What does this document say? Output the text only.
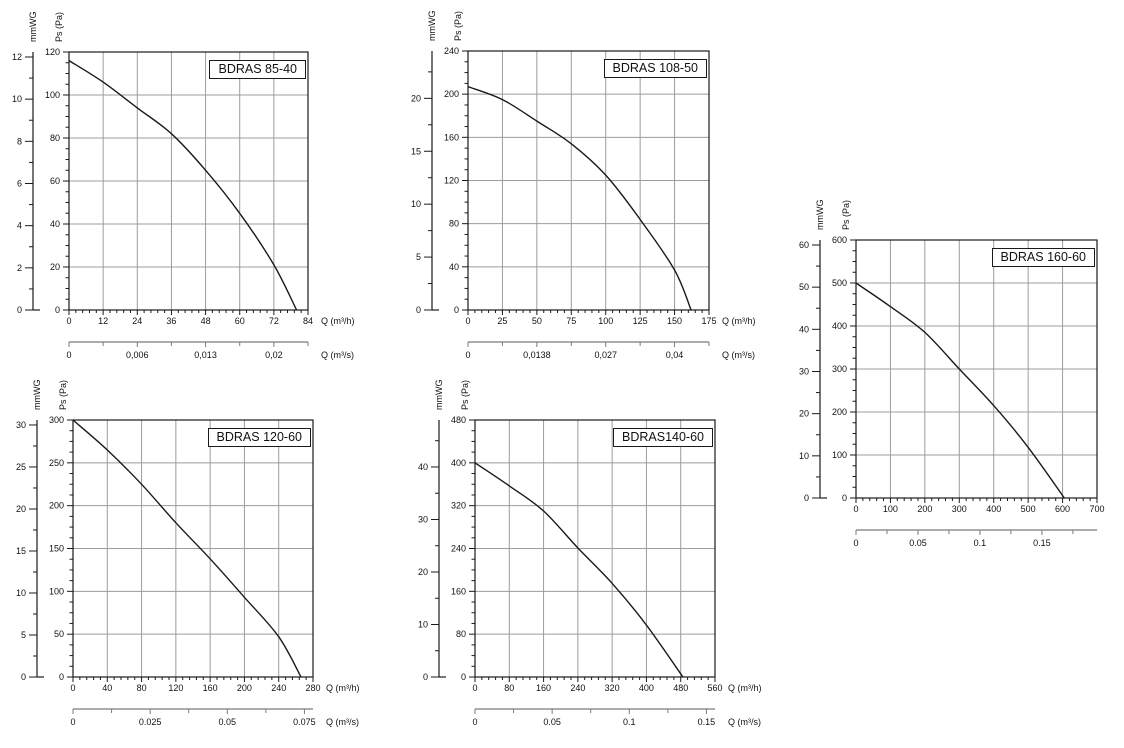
0	12	24	36	48	60	72	84 Q (m³/h)
0
20
40
60
80
100
120
0
2
4
6
8
10
12
mmWG Ps (Pa)
0	0,006	0,013	0,02	Q (m³/s)
0	25	50	75 100 125 150 175 Q (m³/h)
0
40
80
120
160
200
240
0
5
10
15
20
mmWG Ps (Pa)
0	0,0138	0,027	0,04	Q (m³/s)
0	100 200 300 400 500 600 700
0
100
200
300
400
500
600
0
10
20
30
40
50
60
mmWG Ps (Pa)
0	0.05	0.1	0.15
0	40	80 120 160 200 240 280 Q (m³/h)
0
50
100
150
200
250
300
0
5
10
15
20
25
30
mmWG Ps (Pa)
0	0.025	0.05	0.075 Q (m³/s)
0	80 160 240 320 400 480 560 Q (m³/h)
0
80
160
240
320
400
480
0
10
20
30
40
mmWG Ps (Pa)
0	0.05	0.1	0.15 Q (m³/s)
BDRAS 85-40	BDRAS 108-50
BDRAS 160-60
BDRAS 120-60	BDRAS140-60
